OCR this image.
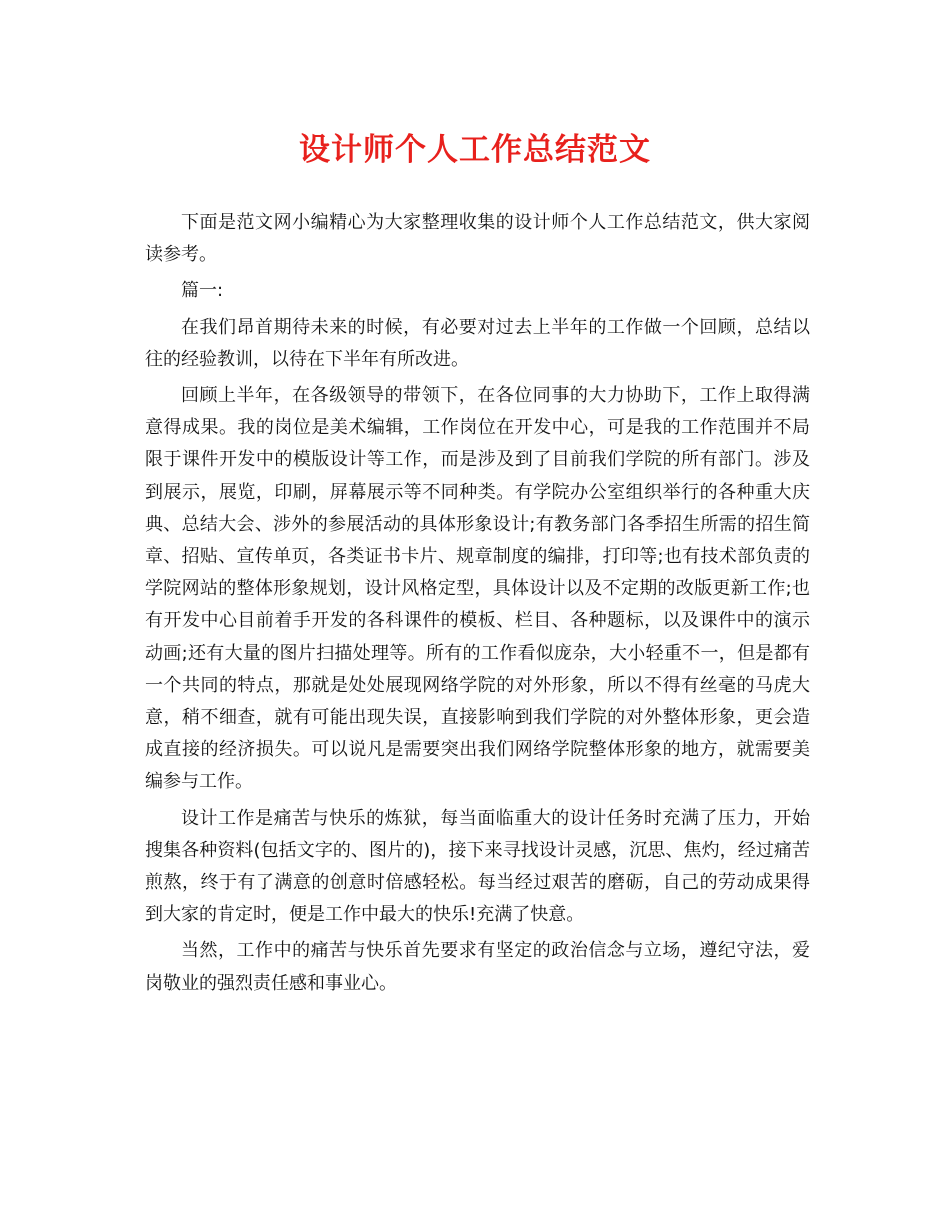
设计师个人工作总结范文

下面是范文网小编精心为大家整理收集的设计师个人工作总结范文，供大家阅读参考。

篇一:

在我们昂首期待未来的时候，有必要对过去上半年的工作做一个回顾，总结以往的经验教训，以待在下半年有所改进。

回顾上半年，在各级领导的带领下，在各位同事的大力协助下，工作上取得满意得成果。我的岗位是美术编辑，工作岗位在开发中心，可是我的工作范围并不局限于课件开发中的模版设计等工作，而是涉及到了目前我们学院的所有部门。涉及到展示，展览，印刷，屏幕展示等不同种类。有学院办公室组织举行的各种重大庆典、总结大会、涉外的参展活动的具体形象设计;有教务部门各季招生所需的招生简章、招贴、宣传单页，各类证书卡片、规章制度的编排，打印等;也有技术部负责的学院网站的整体形象规划，设计风格定型，具体设计以及不定期的改版更新工作;也有开发中心目前着手开发的各科课件的模板、栏目、各种题标，以及课件中的演示动画;还有大量的图片扫描处理等。所有的工作看似庞杂，大小轻重不一，但是都有一个共同的特点，那就是处处展现网络学院的对外形象，所以不得有丝毫的马虎大意，稍不细查，就有可能出现失误，直接影响到我们学院的对外整体形象，更会造成直接的经济损失。可以说凡是需要突出我们网络学院整体形象的地方，就需要美编参与工作。

设计工作是痛苦与快乐的炼狱，每当面临重大的设计任务时充满了压力，开始搜集各种资料(包括文字的、图片的)，接下来寻找设计灵感，沉思、焦灼，经过痛苦煎熬，终于有了满意的创意时倍感轻松。每当经过艰苦的磨砺，自己的劳动成果得到大家的肯定时，便是工作中最大的快乐!充满了快意。

当然，工作中的痛苦与快乐首先要求有坚定的政治信念与立场，遵纪守法，爱岗敬业的强烈责任感和事业心。
